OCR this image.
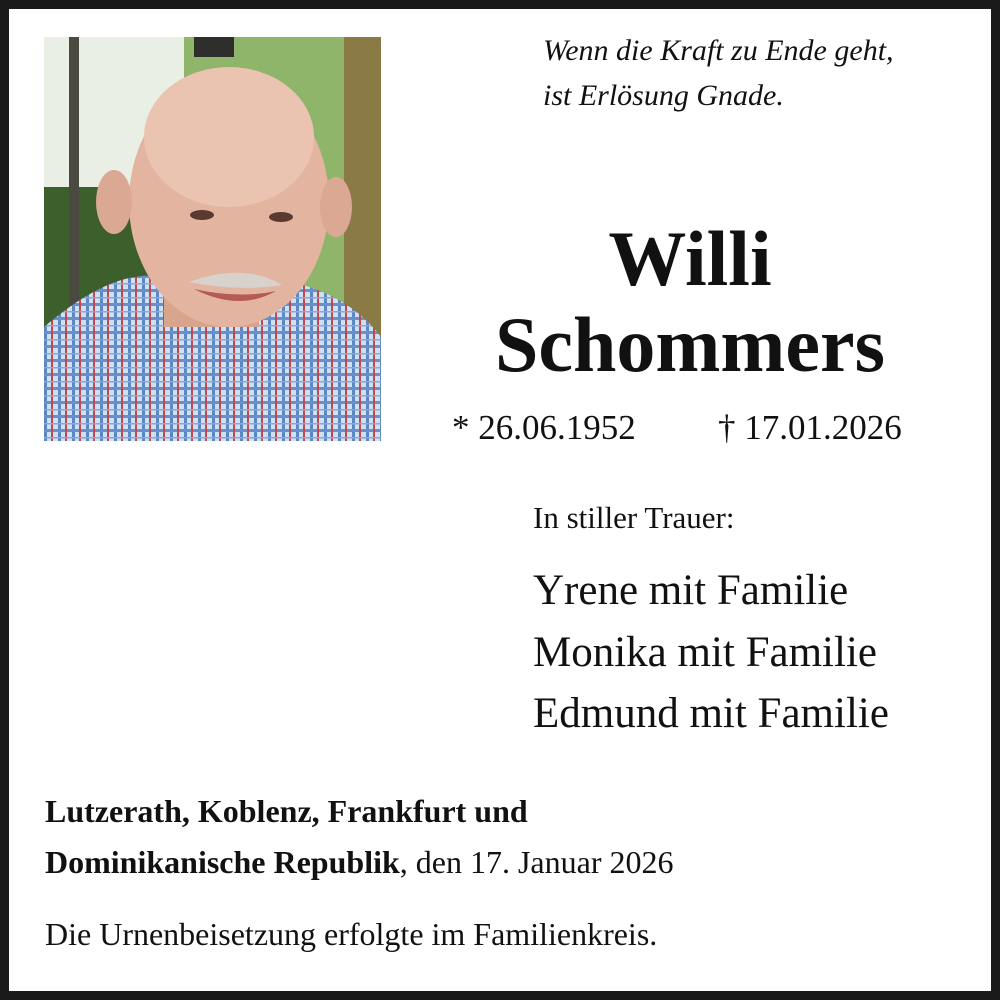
Wenn die Kraft zu Ende geht,
ist Erlösung Gnade.
Willi
Schommers
* 26.06.1952 † 17.01.2026
In stiller Trauer:
Yrene mit Familie
Monika mit Familie
Edmund mit Familie
Lutzerath, Koblenz, Frankfurt und
Dominikanische Republik, den 17. Januar 2026
Die Urnenbeisetzung erfolgte im Familienkreis.
